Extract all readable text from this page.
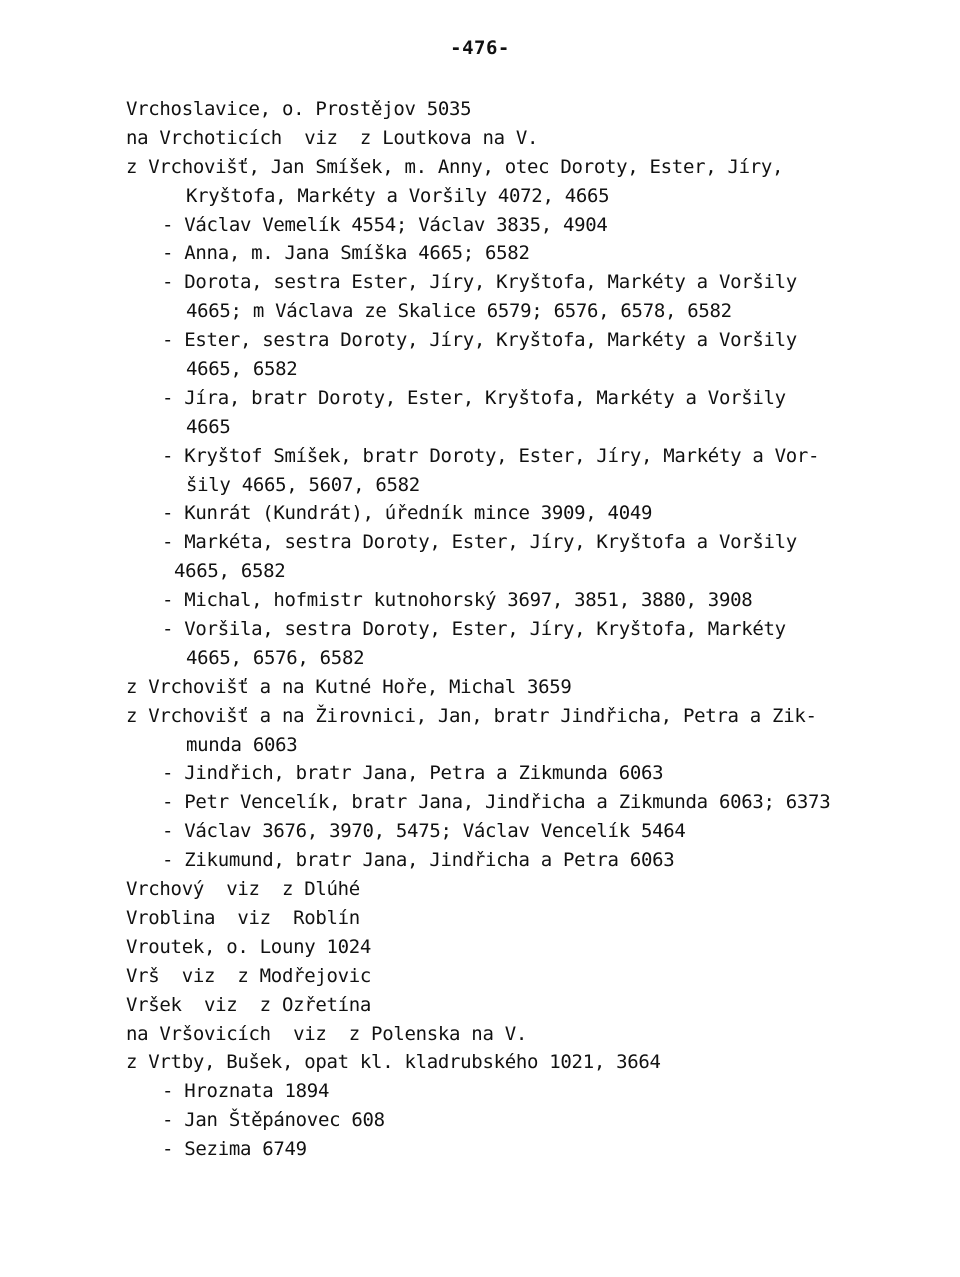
-476-
Vrchoslavice, o. Prostějov 5035
na Vrchoticích  viz  z Loutkova na V.
z Vrchovišť, Jan Smíšek, m. Anny, otec Doroty, Ester, Jíry,
Kryštofa, Markéty a Voršily 4072, 4665
- Václav Vemelík 4554; Václav 3835, 4904
- Anna, m. Jana Smíška 4665; 6582
- Dorota, sestra Ester, Jíry, Kryštofa, Markéty a Voršily
4665; m Václava ze Skalice 6579; 6576, 6578, 6582
- Ester, sestra Doroty, Jíry, Kryštofa, Markéty a Voršily
4665, 6582
- Jíra, bratr Doroty, Ester, Kryštofa, Markéty a Voršily
4665
- Kryštof Smíšek, bratr Doroty, Ester, Jíry, Markéty a Vor-
šily 4665, 5607, 6582
- Kunrát (Kundrát), úředník mince 3909, 4049
- Markéta, sestra Doroty, Ester, Jíry, Kryštofa a Voršily
4665, 6582
- Michal, hofmistr kutnohorský 3697, 3851, 3880, 3908
- Voršila, sestra Doroty, Ester, Jíry, Kryštofa, Markéty
4665, 6576, 6582
z Vrchovišť a na Kutné Hoře, Michal 3659
z Vrchovišť a na Žirovnici, Jan, bratr Jindřicha, Petra a Zik-
munda 6063
- Jindřich, bratr Jana, Petra a Zikmunda 6063
- Petr Vencelík, bratr Jana, Jindřicha a Zikmunda 6063; 6373
- Václav 3676, 3970, 5475; Václav Vencelík 5464
- Zikumund, bratr Jana, Jindřicha a Petra 6063
Vrchový  viz  z Dlúhé
Vroblina  viz  Roblín
Vroutek, o. Louny 1024
Vrš  viz  z Modřejovic
Vršek  viz  z Ozřetína
na Vršovicích  viz  z Polenska na V.
z Vrtby, Bušek, opat kl. kladrubského 1021, 3664
- Hroznata 1894
- Jan Štěpánovec 608
- Sezima 6749
